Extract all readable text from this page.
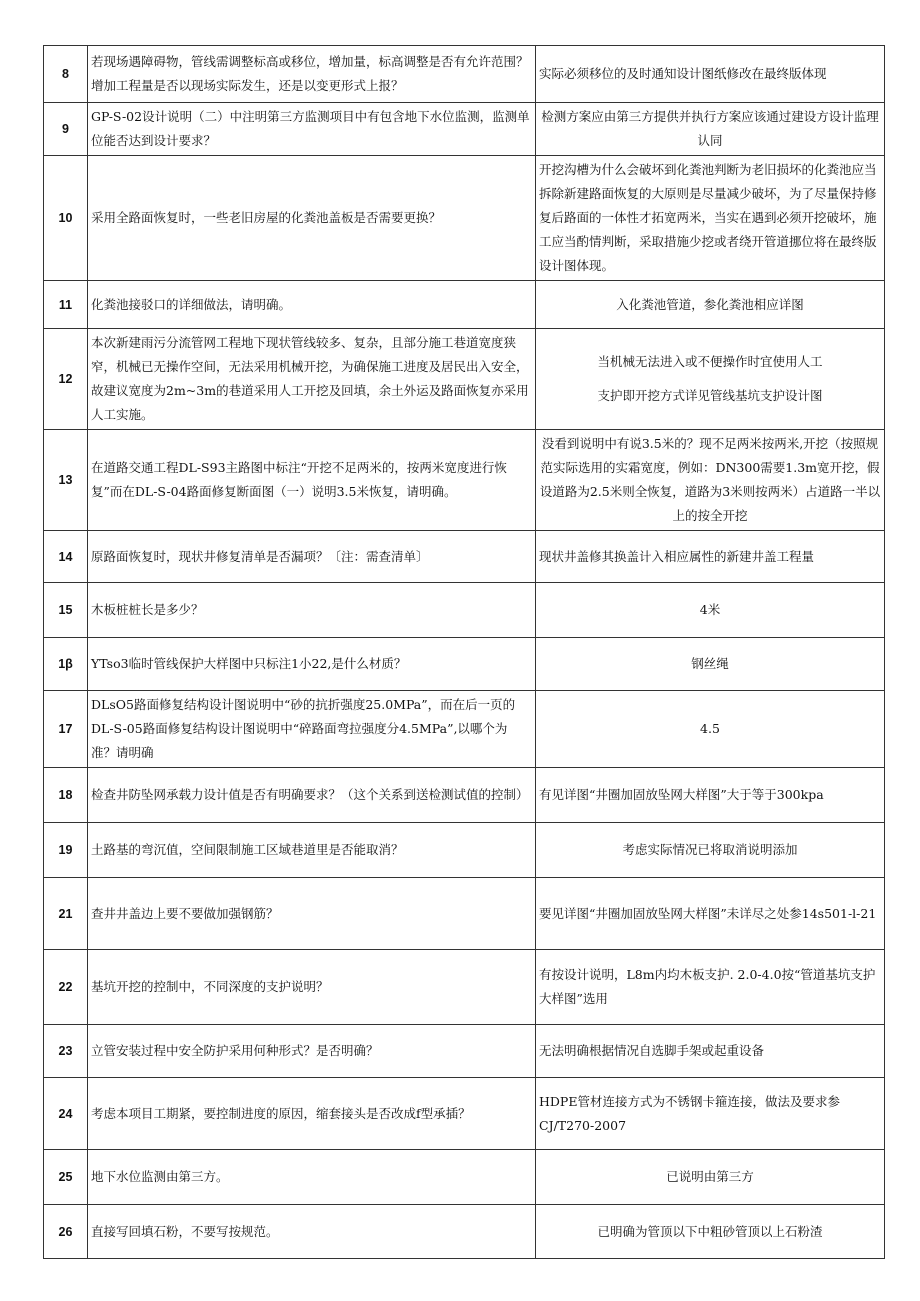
8	若现场遇障碍物，管线需调整标高或移位，增加量，标高调整是否有允许范围？增加工程量是否以现场实际发生，还是以变更形式上报？	实际必须移位的及时通知设计图纸修改在最终版体现
9	GP-S-02设计说明（二）中注明第三方监测项目中有包含地下水位监测，监测单位能否达到设计要求？	检测方案应由第三方提供并执行方案应该通过建设方设计监理认同
10	采用全路面恢复时，一些老旧房屋的化粪池盖板是否需要更换？	开挖沟槽为什么会破坏到化粪池判断为老旧损坏的化粪池应当拆除新建路面恢复的大原则是尽量减少破坏，为了尽量保持修复后路面的一体性才拓宽两米，当实在遇到必须开挖破坏，施工应当酌情判断，采取措施少挖或者绕开管道挪位将在最终版设计图体现。
11	化粪池接驳口的详细做法，请明确。	入化粪池管道，参化粪池相应详图
12	本次新建雨污分流管网工程地下现状管线较多、复杂，且部分施工巷道宽度狭窄，机械已无操作空间，无法采用机械开挖，为确保施工进度及居民出入安全，故建议宽度为2m~3m的巷道采用人工开挖及回填，余土外运及路面恢复亦采用人工实施。	当机械无法进入或不便操作时宜使用人工
支护即开挖方式详见管线基坑支护设计图

13	在道路交通工程DL-S93主路图中标注“开挖不足两米的，按两米宽度进行恢复”而在DL-S-04路面修复断面图（一）说明3.5米恢复，请明确。	没看到说明中有说3.5米的？现不足两米按两米,开挖（按照规范实际选用的实霜宽度，例如：DN300需要1.3m宽开挖，假设道路为2.5米则全恢复，道路为3米则按两米）占道路一半以上的按全开挖
14	原路面恢复时，现状井修复清单是否漏项？〔注：需查清单〕	现状井盖修其换盖计入相应属性的新建井盖工程量
15	木板桩桩长是多少？	4米
1β	YTso3临时管线保护大样图中只标注1小22,是什么材质？	钢丝绳
17	DLsO5路面修复结构设计图说明中“砂的抗折强度25.0MPa”，而在后一页的DL-S-05路面修复结构设计图说明中“碎路面弯拉强度分4.5MPa”,以哪个为准？请明确	4.5
18	检查井防坠网承载力设计值是否有明确要求？（这个关系到送检测试值的控制）	有见详图“井圈加固放坠网大样图”大于等于300kpa
19	土路基的弯沉值，空间限制施工区域巷道里是否能取消？	考虑实际情况已将取消说明添加
21	查井井盖边上要不要做加强钢筋？	要见详图“井圈加固放坠网大样图”未详尽之处参14s501-l-21
22	基坑开挖的控制中，不同深度的支护说明？	有按设计说明，L8m内均木板支护. 2.0-4.0按“管道基坑支护大样图”选用
23	立管安装过程中安全防护采用何种形式？是否明确？	无法明确根据情况自选脚手架或起重设备
24	考虑本项目工期紧，要控制进度的原因，缩套接头是否改成f型承插？	HDPE管材连接方式为不锈钢卡箍连接，做法及要求参CJ/T270-2007
25	地下水位监测由第三方。	已说明由第三方
26	直接写回填石粉，不要写按规范。	已明确为管顶以下中粗砂管顶以上石粉渣
